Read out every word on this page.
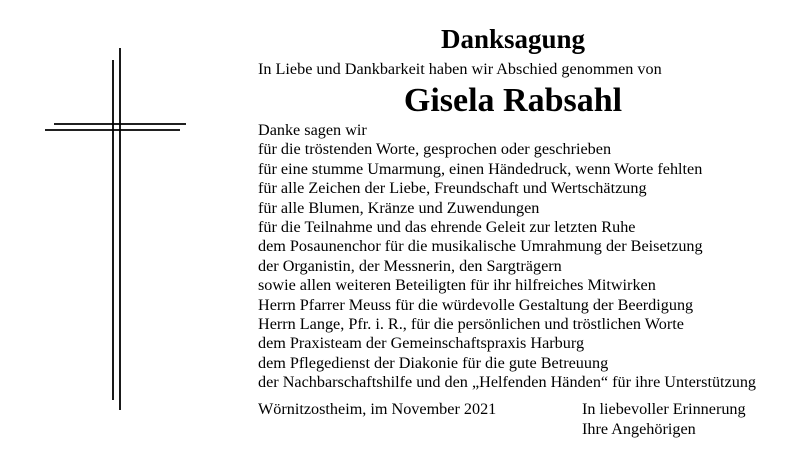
Danksagung
In Liebe und Dankbarkeit haben wir Abschied genommen von
Gisela Rabsahl
Danke sagen wir
für die tröstenden Worte, gesprochen oder geschrieben
für eine stumme Umarmung, einen Händedruck, wenn Worte fehlten
für alle Zeichen der Liebe, Freundschaft und Wertschätzung
für alle Blumen, Kränze und Zuwendungen
für die Teilnahme und das ehrende Geleit zur letzten Ruhe
dem Posaunenchor für die musikalische Umrahmung der Beisetzung
der Organistin, der Messnerin, den Sargträgern
sowie allen weiteren Beteiligten für ihr hilfreiches Mitwirken
Herrn Pfarrer Meuss für die würdevolle Gestaltung der Beerdigung
Herrn Lange, Pfr. i. R., für die persönlichen und tröstlichen Worte
dem Praxisteam der Gemeinschaftspraxis Harburg
dem Pflegedienst der Diakonie für die gute Betreuung
der Nachbarschaftshilfe und den „Helfenden Händen“ für ihre Unterstützung
Wörnitzostheim, im November 2021	In liebevoller Erinnerung
Ihre Angehörigen
